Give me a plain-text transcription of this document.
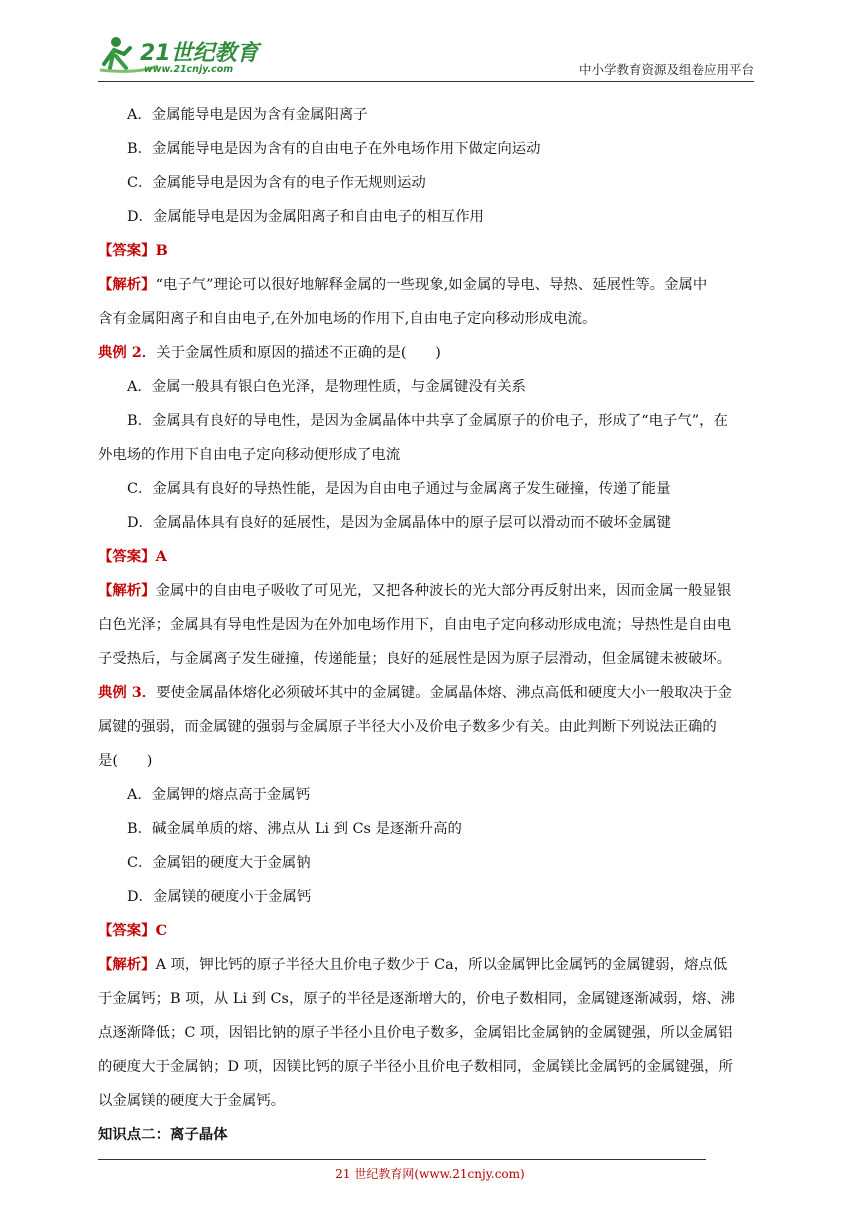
21世纪教育
www.21cnjy.com	中小学教育资源及组卷应用平台
A．金属能导电是因为含有金属阳离子
B．金属能导电是因为含有的自由电子在外电场作用下做定向运动
C．金属能导电是因为含有的电子作无规则运动
D．金属能导电是因为金属阳离子和自由电子的相互作用
【答案】B
【解析】“电子气”理论可以很好地解释金属的一些现象,如金属的导电、导热、延展性等。金属中
含有金属阳离子和自由电子,在外加电场的作用下,自由电子定向移动形成电流。
典例 2．关于金属性质和原因的描述不正确的是(　　)
A．金属一般具有银白色光泽，是物理性质，与金属键没有关系
B．金属具有良好的导电性，是因为金属晶体中共享了金属原子的价电子，形成了“电子气”，在
外电场的作用下自由电子定向移动便形成了电流
C．金属具有良好的导热性能，是因为自由电子通过与金属离子发生碰撞，传递了能量
D．金属晶体具有良好的延展性，是因为金属晶体中的原子层可以滑动而不破坏金属键
【答案】A
【解析】金属中的自由电子吸收了可见光，又把各种波长的光大部分再反射出来，因而金属一般显银
白色光泽；金属具有导电性是因为在外加电场作用下，自由电子定向移动形成电流；导热性是自由电
子受热后，与金属离子发生碰撞，传递能量；良好的延展性是因为原子层滑动，但金属键未被破坏。
典例 3．要使金属晶体熔化必须破坏其中的金属键。金属晶体熔、沸点高低和硬度大小一般取决于金
属键的强弱，而金属键的强弱与金属原子半径大小及价电子数多少有关。由此判断下列说法正确的
是(　　)
A．金属钾的熔点高于金属钙
B．碱金属单质的熔、沸点从 Li 到 Cs 是逐渐升高的
C．金属铝的硬度大于金属钠
D．金属镁的硬度小于金属钙
【答案】C
【解析】A 项，钾比钙的原子半径大且价电子数少于 Ca，所以金属钾比金属钙的金属键弱，熔点低
于金属钙；B 项，从 Li 到 Cs，原子的半径是逐渐增大的，价电子数相同，金属键逐渐减弱，熔、沸
点逐渐降低；C 项，因铝比钠的原子半径小且价电子数多，金属铝比金属钠的金属键强，所以金属铝
的硬度大于金属钠；D 项，因镁比钙的原子半径小且价电子数相同，金属镁比金属钙的金属键强，所
以金属镁的硬度大于金属钙。
知识点二：离子晶体
21 世纪教育网(www.21cnjy.com)
